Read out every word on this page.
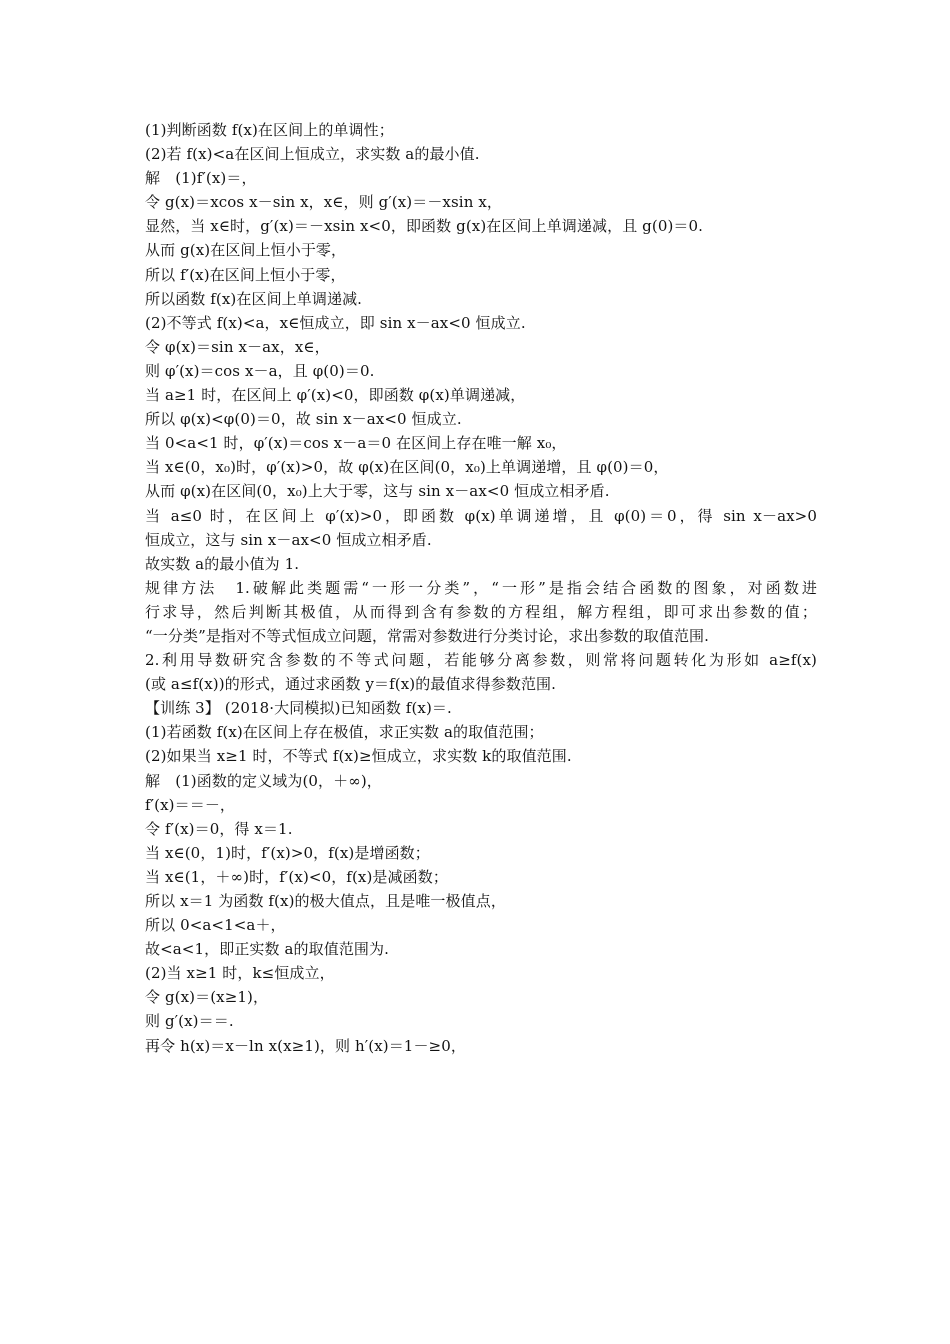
(1)判断函数 f(x)在区间上的单调性；
(2)若 f(x)<a在区间上恒成立，求实数 a的最小值.
解　(1)f′(x)＝，
令 g(x)＝xcos x－sin x，x∈，则 g′(x)＝－xsin x，
显然，当 x∈时，g′(x)＝－xsin x<0，即函数 g(x)在区间上单调递减，且 g(0)＝0.
从而 g(x)在区间上恒小于零，
所以 f′(x)在区间上恒小于零，
所以函数 f(x)在区间上单调递减.
(2)不等式 f(x)<a，x∈恒成立，即 sin x－ax<0 恒成立.
令 φ(x)＝sin x－ax，x∈，
则 φ′(x)＝cos x－a，且 φ(0)＝0.
当 a≥1 时，在区间上 φ′(x)<0，即函数 φ(x)单调递减，
所以 φ(x)<φ(0)＝0，故 sin x－ax<0 恒成立.
当 0<a<1 时，φ′(x)＝cos x－a＝0 在区间上存在唯一解 x₀，
当 x∈(0，x₀)时，φ′(x)>0，故 φ(x)在区间(0，x₀)上单调递增，且 φ(0)＝0，
从而 φ(x)在区间(0，x₀)上大于零，这与 sin x－ax<0 恒成立相矛盾.
当 a≤0 时，在区间上 φ′(x)>0，即函数 φ(x)单调递增，且 φ(0)＝0，得 sin x－ax>0
恒成立，这与 sin x－ax<0 恒成立相矛盾.
故实数 a的最小值为 1.
规律方法　1.破解此类题需“一形一分类”，“一形”是指会结合函数的图象，对函数进
行求导，然后判断其极值，从而得到含有参数的方程组，解方程组，即可求出参数的值；
“一分类”是指对不等式恒成立问题，常需对参数进行分类讨论，求出参数的取值范围.
2.利用导数研究含参数的不等式问题，若能够分离参数，则常将问题转化为形如 a≥f(x)
(或 a≤f(x))的形式，通过求函数 y＝f(x)的最值求得参数范围.
【训练 3】 (2018·大同模拟)已知函数 f(x)＝.
(1)若函数 f(x)在区间上存在极值，求正实数 a的取值范围；
(2)如果当 x≥1 时，不等式 f(x)≥恒成立，求实数 k的取值范围.
解　(1)函数的定义域为(0，＋∞)，
f′(x)＝＝－，
令 f′(x)＝0，得 x＝1.
当 x∈(0，1)时，f′(x)>0，f(x)是增函数；
当 x∈(1，＋∞)时，f′(x)<0，f(x)是减函数；
所以 x＝1 为函数 f(x)的极大值点，且是唯一极值点，
所以 0<a<1<a＋，
故<a<1，即正实数 a的取值范围为.
(2)当 x≥1 时，k≤恒成立，
令 g(x)＝(x≥1)，
则 g′(x)＝＝.
再令 h(x)＝x－ln x(x≥1)，则 h′(x)＝1－≥0，
